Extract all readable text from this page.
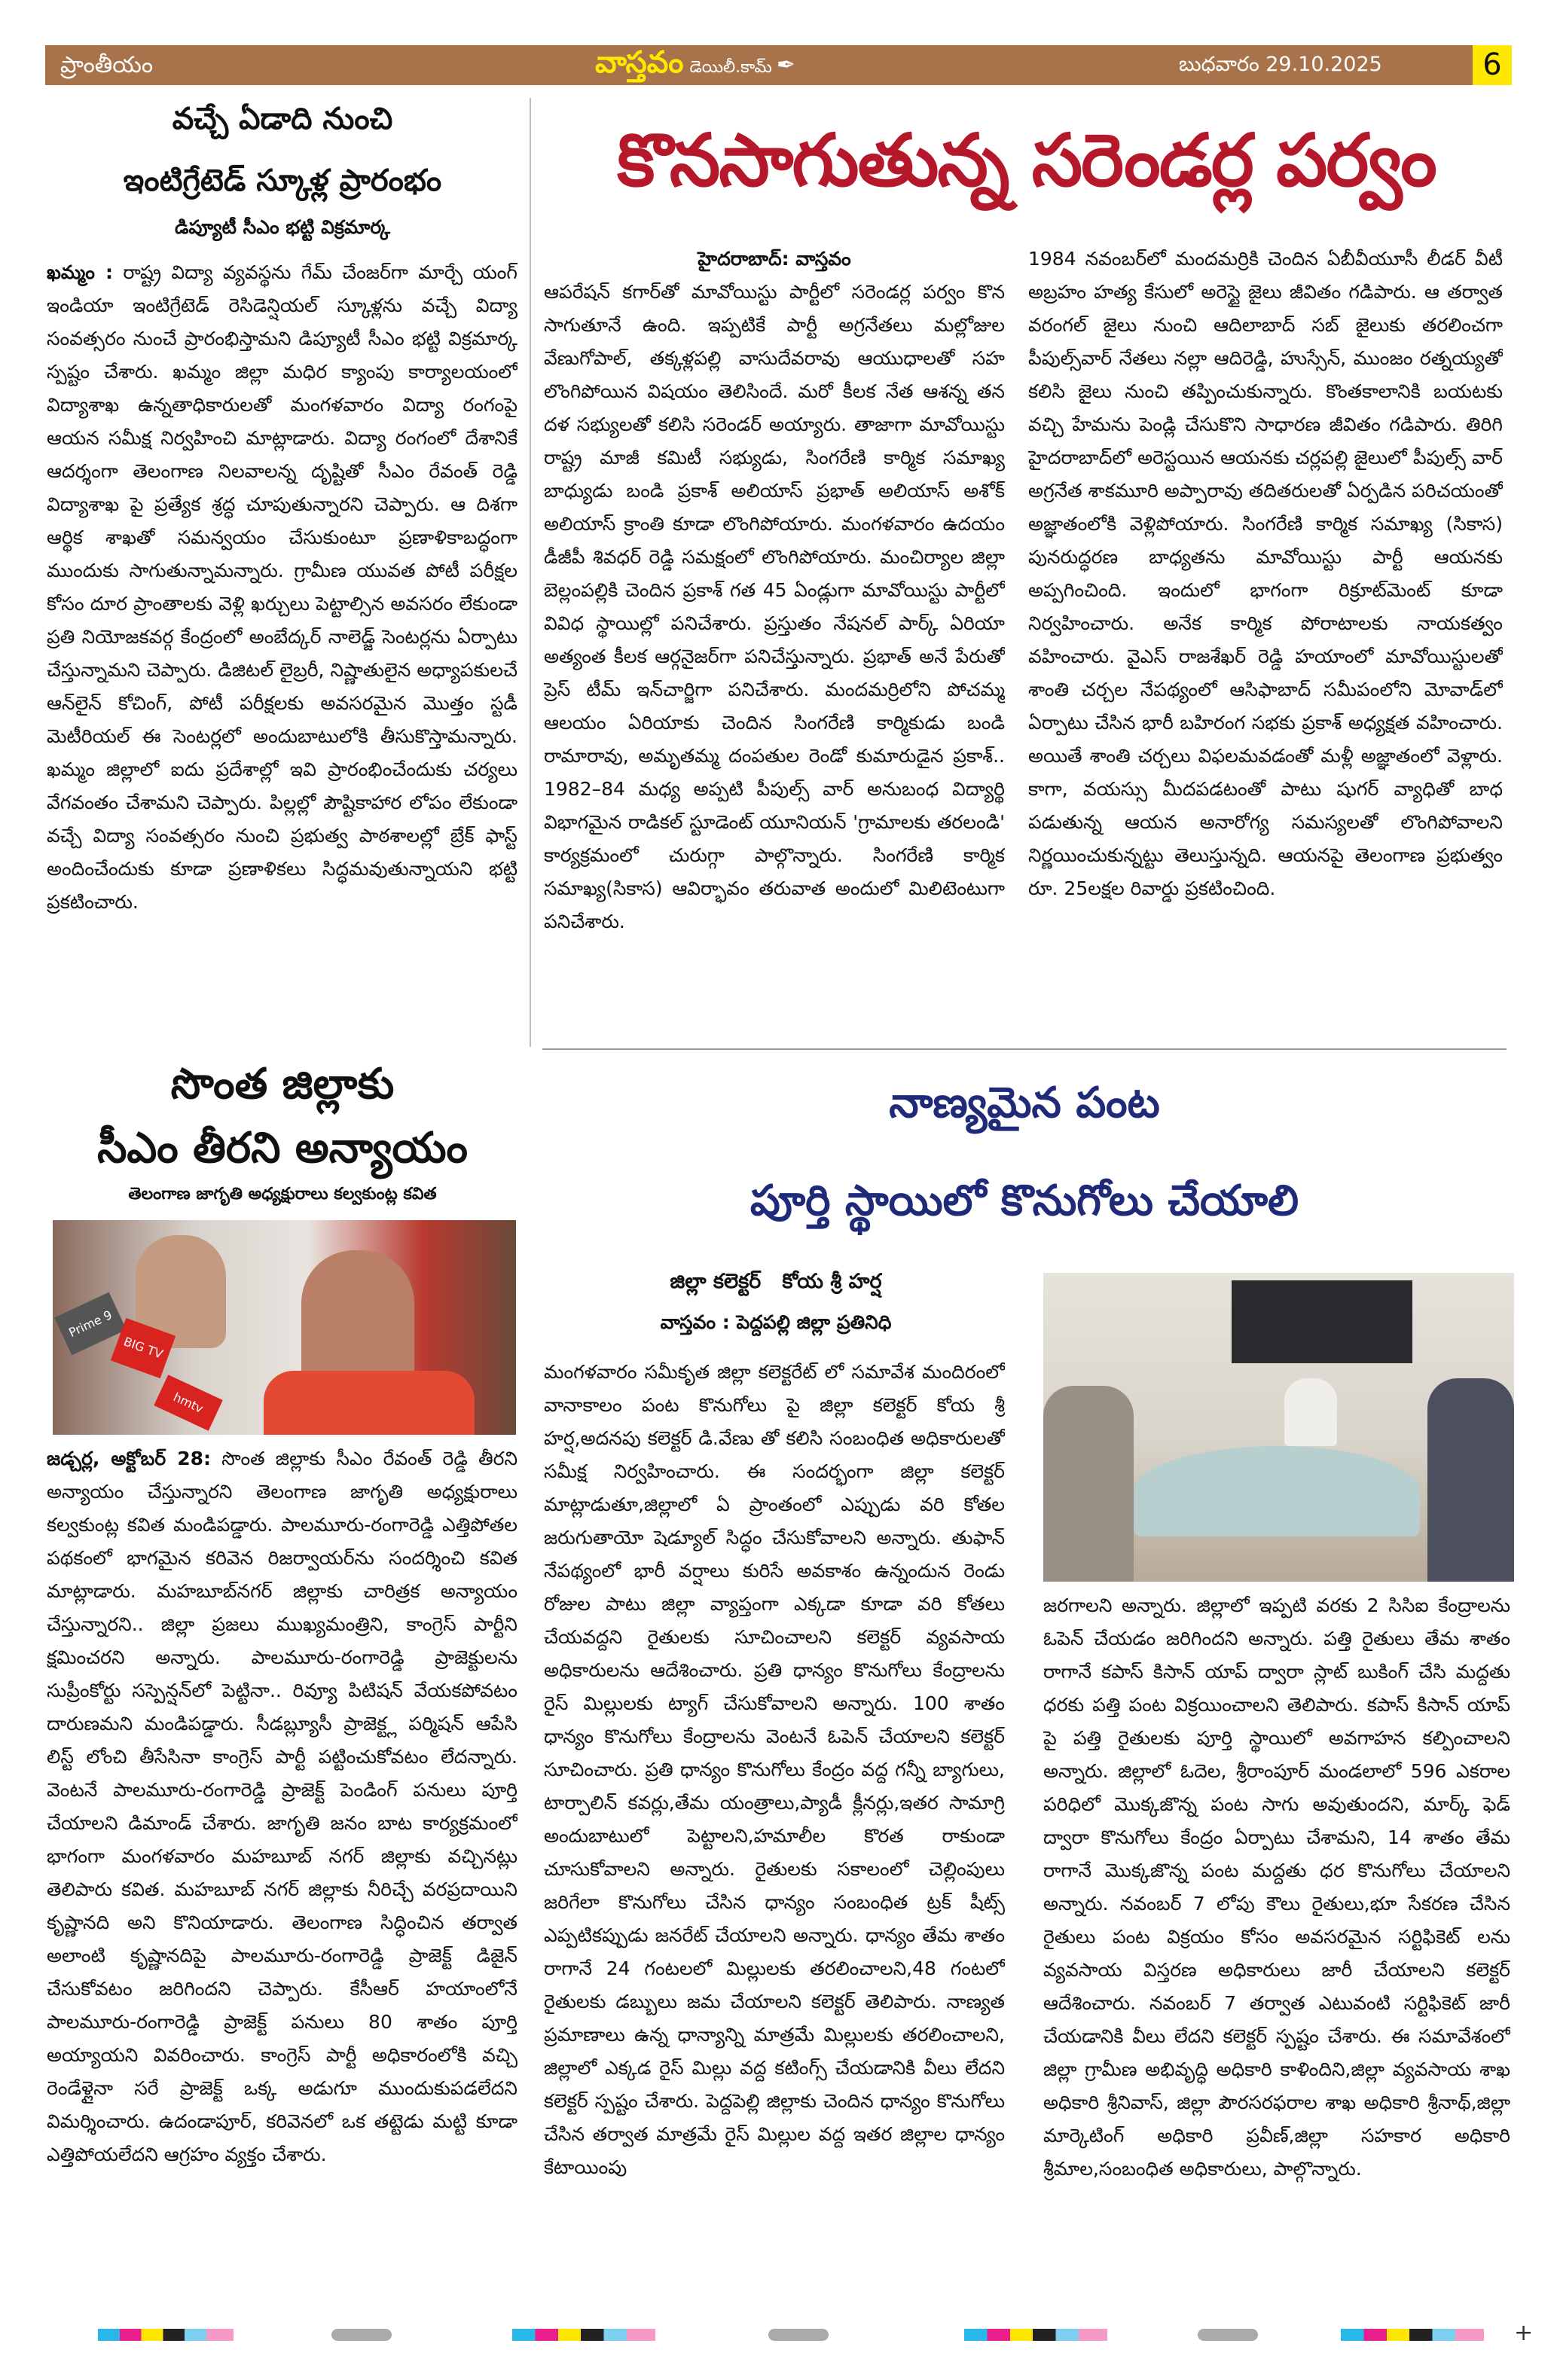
ప్రాంతీయం	వాస్తవం డెయిలీ.కామ్ ✒	బుధవారం 29.10.2025	6
వచ్చే ఏడాది నుంచి
ఇంటిగ్రేటెడ్ స్కూళ్ల ప్రారంభం
డిప్యూటీ సీఎం భట్టి విక్రమార్క
ఖమ్మం : రాష్ట్ర విద్యా వ్యవస్థను గేమ్ చేంజర్‌గా మార్చే యంగ్ ఇండియా ఇంటిగ్రేటెడ్ రెసిడెన్షియల్ స్కూళ్లను వచ్చే విద్యా సంవత్సరం నుంచే ప్రారంభిస్తామని డిప్యూటీ సీఎం భట్టి విక్రమార్క స్పష్టం చేశారు. ఖమ్మం జిల్లా మధిర క్యాంపు కార్యాలయంలో విద్యాశాఖ ఉన్నతాధికారులతో మంగళవారం విద్యా రంగంపై ఆయన సమీక్ష నిర్వహించి మాట్లాడారు. విద్యా రంగంలో దేశానికే ఆదర్శంగా తెలంగాణ నిలవాలన్న దృష్టితో సీఎం రేవంత్ రెడ్డి విద్యాశాఖ పై ప్రత్యేక శ్రద్ధ చూపుతున్నారని చెప్పారు. ఆ దిశగా ఆర్థిక శాఖతో సమన్వయం చేసుకుంటూ ప్రణాళికాబద్ధంగా ముందుకు సాగుతున్నామన్నారు. గ్రామీణ యువత పోటీ పరీక్షల కోసం దూర ప్రాంతాలకు వెళ్లి ఖర్చులు పెట్టాల్సిన అవసరం లేకుండా ప్రతి నియోజకవర్గ కేంద్రంలో అంబేద్కర్ నాలెడ్జ్ సెంటర్లను ఏర్పాటు చేస్తున్నామని చెప్పారు. డిజిటల్ లైబ్రరీ, నిష్ణాతులైన అధ్యాపకులచే ఆన్‌లైన్ కోచింగ్, పోటీ పరీక్షలకు అవసరమైన మొత్తం స్టడీ మెటీరియల్ ఈ సెంటర్లలో అందుబాటులోకి తీసుకొస్తామన్నారు. ఖమ్మం జిల్లాలో ఐదు ప్రదేశాల్లో ఇవి ప్రారంభించేందుకు చర్యలు వేగవంతం చేశామని చెప్పారు. పిల్లల్లో పౌష్టికాహార లోపం లేకుండా వచ్చే విద్యా సంవత్సరం నుంచి ప్రభుత్వ పాఠశాలల్లో బ్రేక్ ఫాస్ట్ అందించేందుకు కూడా ప్రణాళికలు సిద్ధమవుతున్నాయని భట్టి ప్రకటించారు.
కొనసాగుతున్న సరెండర్ల పర్వం
హైదరాబాద్: వాస్తవం
ఆపరేషన్ కగార్‌తో మావోయిస్టు పార్టీలో సరెండర్ల పర్వం కొన సాగుతూనే ఉంది. ఇప్పటికే పార్టీ అగ్రనేతలు మల్లోజుల వేణుగోపాల్, తక్కళ్లపల్లి వాసుదేవరావు ఆయుధాలతో సహ లొంగిపోయిన విషయం తెలిసిందే. మరో కీలక నేత ఆశన్న తన దళ సభ్యులతో కలిసి సరెండర్ అయ్యారు. తాజాగా మావోయిస్టు రాష్ట్ర మాజీ కమిటీ సభ్యుడు, సింగరేణి కార్మిక సమాఖ్య బాధ్యుడు బండి ప్రకాశ్ అలియాస్ ప్రభాత్ అలియాస్ అశోక్ అలియాస్ క్రాంతి కూడా లొంగిపోయారు. మంగళవారం ఉదయం డీజీపీ శివధర్ రెడ్డి సమక్షంలో లొంగిపోయారు. మంచిర్యాల జిల్లా బెల్లంపల్లికి చెందిన ప్రకాశ్ గత 45 ఏండ్లుగా మావోయిస్టు పార్టీలో వివిధ స్థాయిల్లో పనిచేశారు. ప్రస్తుతం నేషనల్ పార్క్ ఏరియా అత్యంత కీలక ఆర్గనైజర్‌గా పనిచేస్తున్నారు. ప్రభాత్ అనే పేరుతో ప్రెస్ టీమ్ ఇన్‌చార్జిగా పనిచేశారు. మందమర్రిలోని పోచమ్మ ఆలయం ఏరియాకు చెందిన సింగరేణి కార్మికుడు బండి రామారావు, అమృతమ్మ దంపతుల రెండో కుమారుడైన ప్రకాశ్.. 1982–84 మధ్య అప్పటి పీపుల్స్ వార్ అనుబంధ విద్యార్థి విభాగమైన రాడికల్ స్టూడెంట్ యూనియన్ 'గ్రామాలకు తరలండి' కార్యక్రమంలో చురుగ్గా పాల్గొన్నారు. సింగరేణి కార్మిక సమాఖ్య(సికాస) ఆవిర్భావం తరువాత అందులో మిలిటెంటుగా పనిచేశారు.
1984 నవంబర్‌లో మందమర్రికి చెందిన ఏబీవీయూసీ లీడర్ వీటీ అబ్రహం హత్య కేసులో అరెస్టై జైలు జీవితం గడిపారు. ఆ తర్వాత వరంగల్ జైలు నుంచి ఆదిలాబాద్ సబ్ జైలుకు తరలించగా పీపుల్స్‌వార్ నేతలు నల్లా ఆదిరెడ్డి, హుస్సేన్, ముంజం రత్నయ్యతో కలిసి జైలు నుంచి తప్పించుకున్నారు. కొంతకాలానికి బయటకు వచ్చి హేమను పెండ్లి చేసుకొని సాధారణ జీవితం గడిపారు. తిరిగి హైదరాబాద్‌లో అరెస్టయిన ఆయనకు చర్లపల్లి జైలులో పీపుల్స్ వార్ అగ్రనేత శాకమూరి అప్పారావు తదితరులతో ఏర్పడిన పరిచయంతో అజ్ఞాతంలోకి వెళ్లిపోయారు. సింగరేణి కార్మిక సమాఖ్య (సికాస) పునరుద్ధరణ బాధ్యతను మావోయిస్టు పార్టీ ఆయనకు అప్పగించింది. ఇందులో భాగంగా రిక్రూట్‌మెంట్ కూడా నిర్వహించారు. అనేక కార్మిక పోరాటాలకు నాయకత్వం వహించారు. వైఎస్ రాజశేఖర్ రెడ్డి హయాంలో మావోయిస్టులతో శాంతి చర్చల నేపథ్యంలో ఆసిఫాబాద్ సమీపంలోని మోవాడ్‌లో ఏర్పాటు చేసిన భారీ బహిరంగ సభకు ప్రకాశ్ అధ్యక్షత వహించారు. అయితే శాంతి చర్చలు విఫలమవడంతో మళ్లీ అజ్ఞాతంలో వెళ్లారు. కాగా, వయస్సు మీదపడటంతో పాటు షుగర్ వ్యాధితో బాధ పడుతున్న ఆయన అనారోగ్య సమస్యలతో లొంగిపోవాలని నిర్ణయించుకున్నట్టు తెలుస్తున్నది. ఆయనపై తెలంగాణ ప్రభుత్వం రూ. 25లక్షల రివార్డు ప్రకటించింది.
సొంత జిల్లాకు
సీఎం తీరని అన్యాయం
తెలంగాణ జాగృతి అధ్యక్షురాలు కల్వకుంట్ల కవిత
Prime 9
BIG TV
hmtv
జడ్చర్ల, అక్టోబర్ 28: సొంత జిల్లాకు సీఎం రేవంత్ రెడ్డి తీరని అన్యాయం చేస్తున్నారని తెలంగాణ జాగృతి అధ్యక్షురాలు కల్వకుంట్ల కవిత మండిపడ్డారు. పాలమూరు-రంగారెడ్డి ఎత్తిపోతల పథకంలో భాగమైన కరివెన రిజర్వాయర్‌ను సందర్శించి కవిత మాట్లాడారు. మహబూబ్‌నగర్ జిల్లాకు చారిత్రక అన్యాయం చేస్తున్నారని.. జిల్లా ప్రజలు ముఖ్యమంత్రిని, కాంగ్రెస్ పార్టీని క్షమించరని అన్నారు. పాలమూరు-రంగారెడ్డి ప్రాజెక్టులను సుప్రీంకోర్టు సస్పెన్షన్‌లో పెట్టినా.. రివ్యూ పిటిషన్ వేయకపోవటం దారుణమని మండిపడ్డారు. సీడబ్ల్యూసీ ప్రాజెక్ట్ల పర్మిషన్ ఆపేసి లిస్ట్ లోంచి తీసేసినా కాంగ్రెస్ పార్టీ పట్టించుకోవటం లేదన్నారు. వెంటనే పాలమూరు-రంగారెడ్డి ప్రాజెక్ట్ పెండింగ్ పనులు పూర్తి చేయాలని డిమాండ్ చేశారు. జాగృతి జనం బాట కార్యక్రమంలో భాగంగా మంగళవారం మహబూబ్ నగర్ జిల్లాకు వచ్చినట్లు తెలిపారు కవిత. మహబూబ్ నగర్ జిల్లాకు నీరిచ్చే వరప్రదాయిని కృష్ణానది అని కొనియాడారు. తెలంగాణ సిద్ధించిన తర్వాత అలాంటి కృష్ణానదిపై పాలమూరు-రంగారెడ్డి ప్రాజెక్ట్ డిజైన్ చేసుకోవటం జరిగిందని చెప్పారు. కేసీఆర్ హయాంలోనే పాలమూరు-రంగారెడ్డి ప్రాజెక్ట్ పనులు 80 శాతం పూర్తి అయ్యాయని వివరించారు. కాంగ్రెస్ పార్టీ అధికారంలోకి వచ్చి రెండేళ్లైనా సరే ప్రాజెక్ట్ ఒక్క అడుగూ ముందుకుపడలేదని విమర్శించారు. ఉదండాపూర్, కరివెనలో ఒక తట్టెడు మట్టి కూడా ఎత్తిపోయలేదని ఆగ్రహం వ్యక్తం చేశారు.
నాణ్యమైన పంట
పూర్తి స్థాయిలో కొనుగోలు చేయాలి
జిల్లా కలెక్టర్   కోయ శ్రీ హర్ష
వాస్తవం : పెద్దపల్లి జిల్లా ప్రతినిధి
మంగళవారం సమీకృత జిల్లా కలెక్టరేట్ లో సమావేశ మందిరంలో వానాకాలం పంట కొనుగోలు పై జిల్లా కలెక్టర్ కోయ శ్రీ హర్ష,అదనపు కలెక్టర్ డి.వేణు తో కలిసి సంబంధిత అధికారులతో సమీక్ష నిర్వహించారు. ఈ సందర్భంగా జిల్లా కలెక్టర్ మాట్లాడుతూ,జిల్లాలో ఏ ప్రాంతంలో ఎప్పుడు వరి కోతల జరుగుతాయో షెడ్యూల్ సిద్ధం చేసుకోవాలని అన్నారు. తుఫాన్ నేపథ్యంలో భారీ వర్షాలు కురిసే అవకాశం ఉన్నందున రెండు రోజుల పాటు జిల్లా వ్యాప్తంగా ఎక్కడా కూడా వరి కోతలు చేయవద్దని రైతులకు సూచించాలని కలెక్టర్ వ్యవసాయ అధికారులను ఆదేశించారు. ప్రతి ధాన్యం కొనుగోలు కేంద్రాలను రైస్ మిల్లులకు ట్యాగ్ చేసుకోవాలని అన్నారు. 100 శాతం ధాన్యం కొనుగోలు కేంద్రాలను వెంటనే ఓపెన్ చేయాలని కలెక్టర్ సూచించారు. ప్రతి ధాన్యం కొనుగోలు కేంద్రం వద్ద గన్నీ బ్యాగులు, టార్పాలిన్ కవర్లు,తేమ యంత్రాలు,ప్యాడీ క్లీనర్లు,ఇతర సామాగ్రి అందుబాటులో పెట్టాలని,హమాలీల కొరత రాకుండా చూసుకోవాలని అన్నారు. రైతులకు సకాలంలో చెల్లింపులు జరిగేలా కొనుగోలు చేసిన ధాన్యం సంబంధిత ట్రక్ షీట్స్ ఎప్పటికప్పుడు జనరేట్ చేయాలని అన్నారు. ధాన్యం తేమ శాతం రాగానే 24 గంటలలో మిల్లులకు తరలించాలని,48 గంటలో రైతులకు డబ్బులు జమ చేయాలని కలెక్టర్ తెలిపారు. నాణ్యత ప్రమాణాలు ఉన్న ధాన్యాన్ని మాత్రమే మిల్లులకు తరలించాలని, జిల్లాలో ఎక్కడ రైస్ మిల్లు వద్ద కటింగ్స్ చేయడానికి వీలు లేదని కలెక్టర్ స్పష్టం చేశారు. పెద్దపెల్లి జిల్లాకు చెందిన ధాన్యం కొనుగోలు చేసిన తర్వాత మాత్రమే రైస్ మిల్లుల వద్ద ఇతర జిల్లాల ధాన్యం కేటాయింపు
జరగాలని అన్నారు. జిల్లాలో ఇప్పటి వరకు 2 సిసిఐ కేంద్రాలను ఓపెన్ చేయడం జరిగిందని అన్నారు. పత్తి రైతులు తేమ శాతం రాగానే కపాస్ కిసాన్ యాప్ ద్వారా స్లాట్ బుకింగ్ చేసి మద్దతు ధరకు పత్తి పంట విక్రయించాలని తెలిపారు. కపాస్ కిసాన్ యాప్ పై పత్తి రైతులకు పూర్తి స్థాయిలో అవగాహన కల్పించాలని అన్నారు. జిల్లాలో ఓదెల, శ్రీరాంపూర్ మండలాలో 596 ఎకరాల పరిధిలో మొక్కజొన్న పంట సాగు అవుతుందని, మార్క్ ఫెడ్ ద్వారా కొనుగోలు కేంద్రం ఏర్పాటు చేశామని, 14 శాతం తేమ రాగానే మొక్కజొన్న పంట మద్దతు ధర కొనుగోలు చేయాలని అన్నారు. నవంబర్ 7 లోపు కౌలు రైతులు,భూ సేకరణ చేసిన రైతులు పంట విక్రయం కోసం అవసరమైన సర్టిఫికెట్ లను వ్యవసాయ విస్తరణ అధికారులు జారీ చేయాలని కలెక్టర్ ఆదేశించారు. నవంబర్ 7 తర్వాత ఎటువంటి సర్టిఫికెట్ జారీ చేయడానికి వీలు లేదని కలెక్టర్ స్పష్టం చేశారు. ఈ సమావేశంలో జిల్లా గ్రామీణ అభివృద్ధి అధికారి కాళిందిని,జిల్లా వ్యవసాయ శాఖ అధికారి శ్రీనివాస్, జిల్లా పౌరసరఫరాల శాఖ అధికారి శ్రీనాథ్,జిల్లా మార్కెటింగ్ అధికారి ప్రవీణ్,జిల్లా సహకార అధికారి శ్రీమాల,సంబంధిత అధికారులు, పాల్గొన్నారు.
+
